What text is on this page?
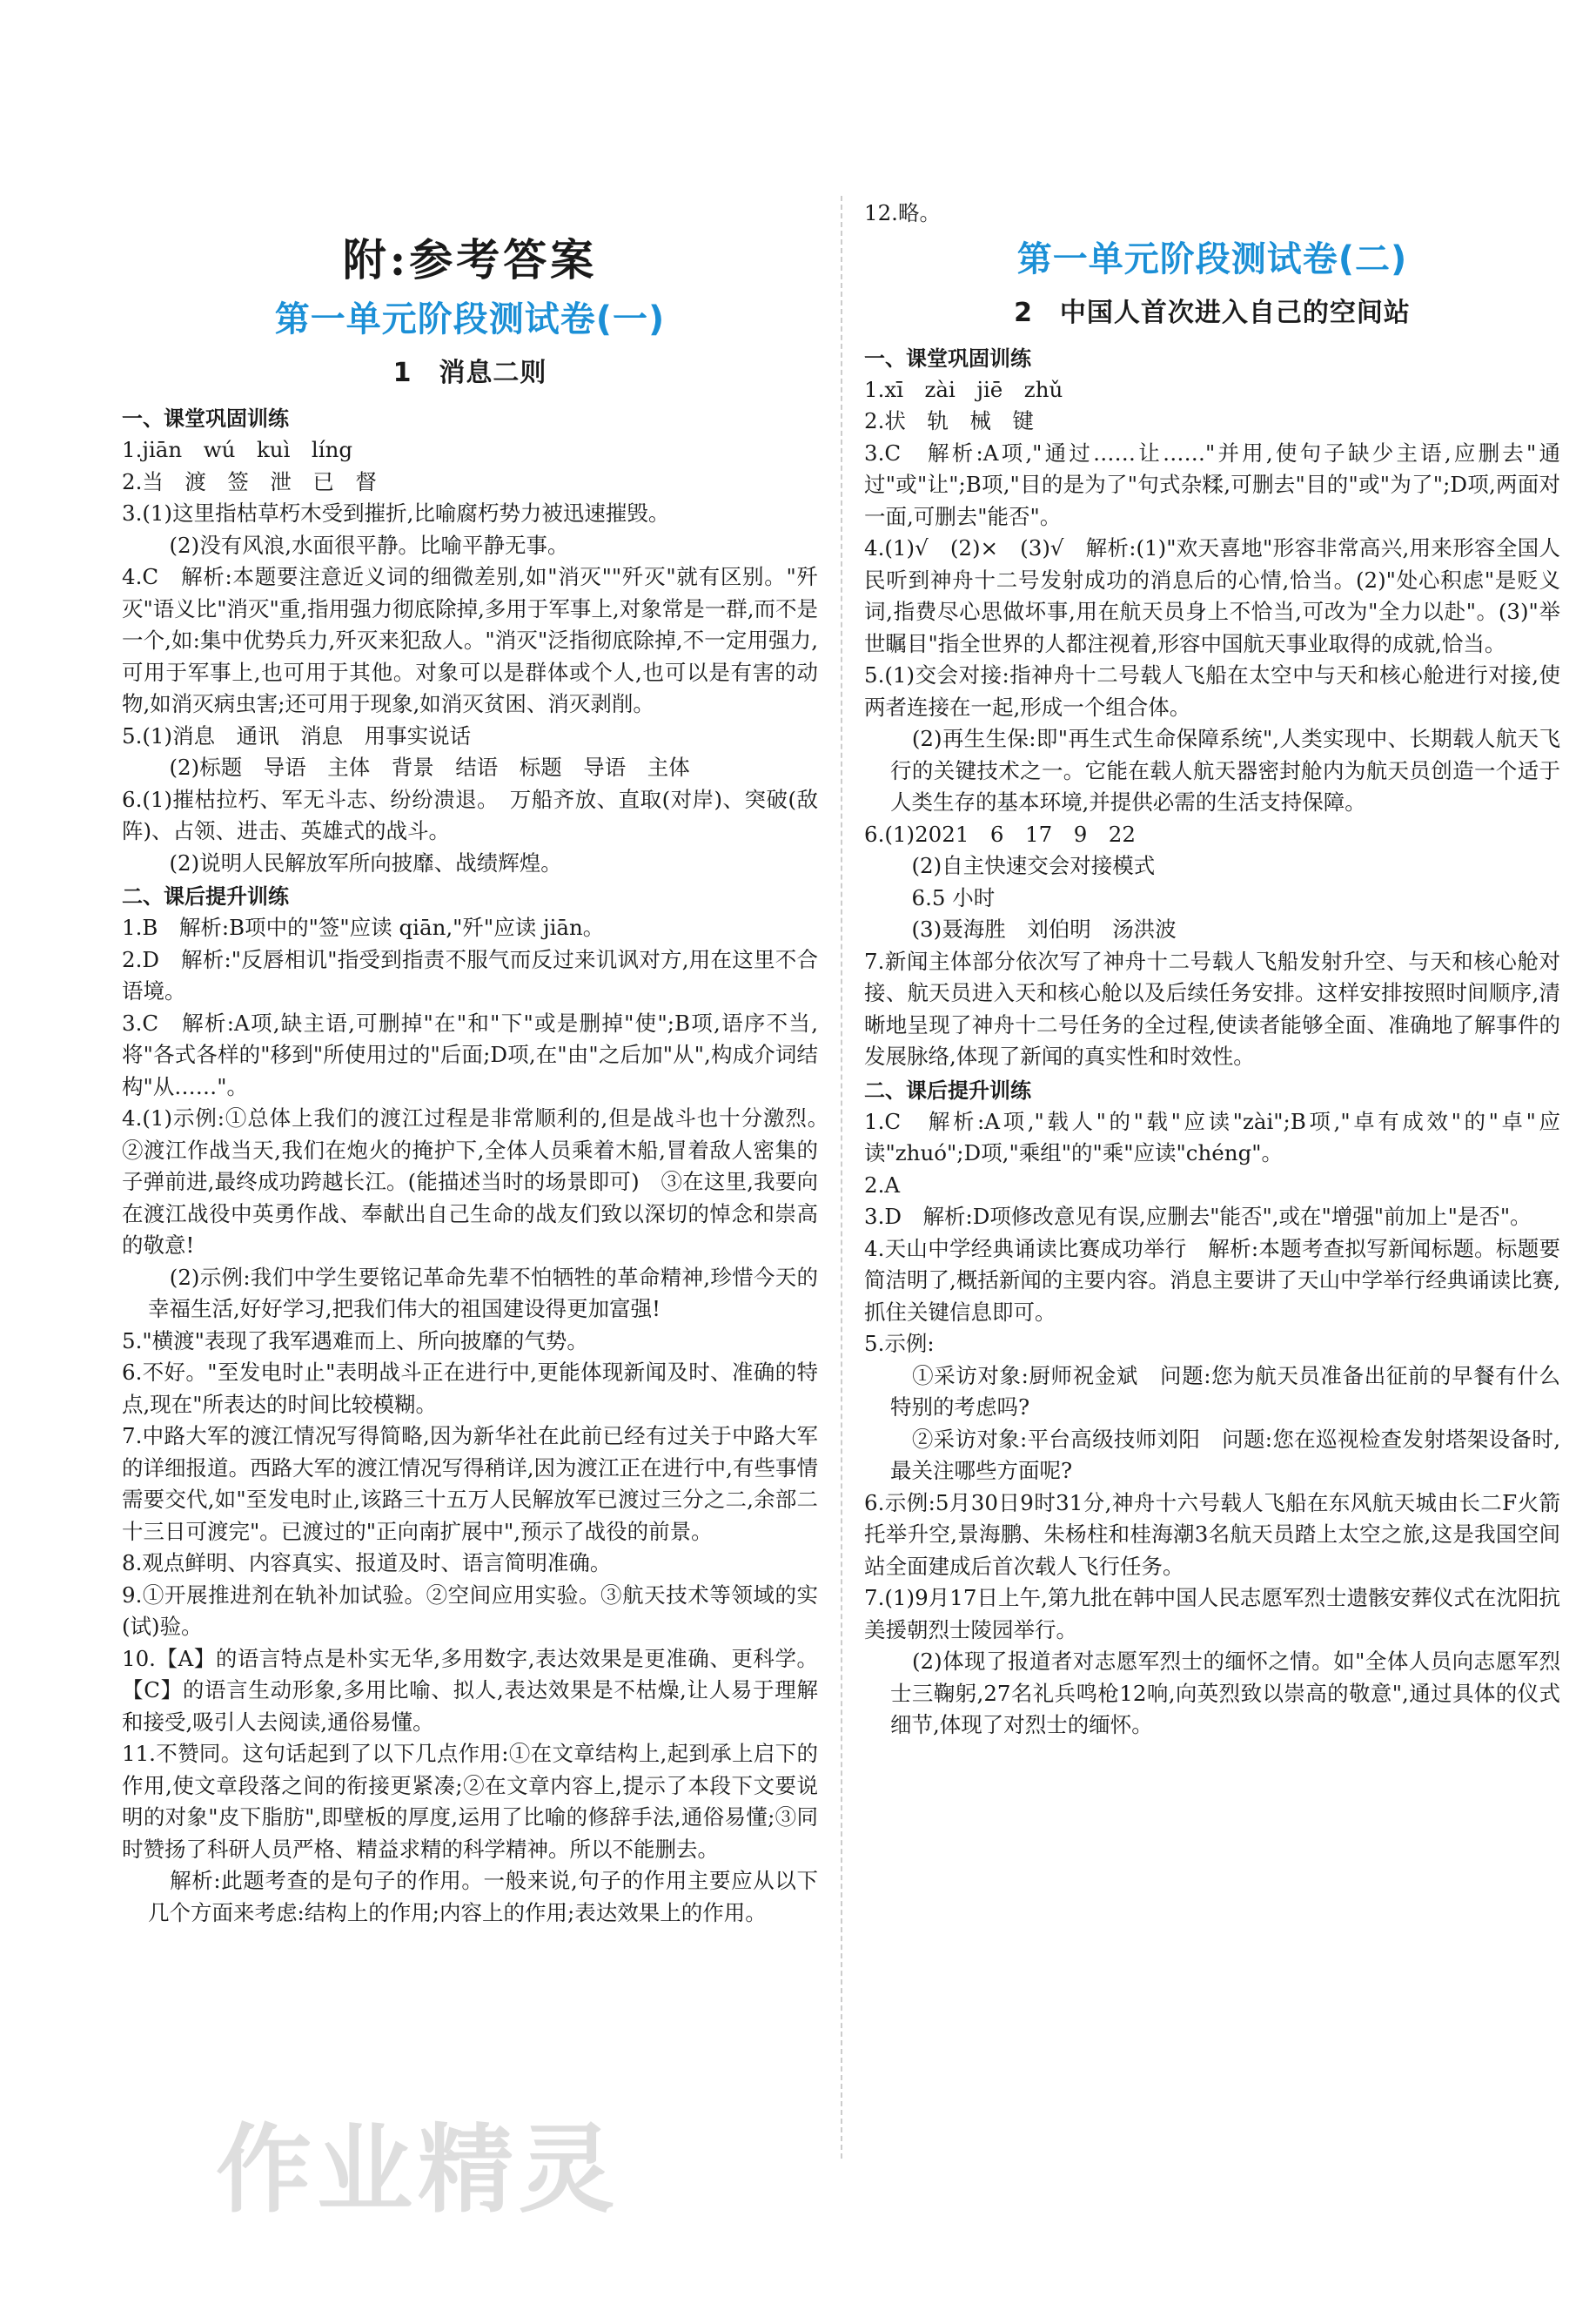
附:参考答案
第一单元阶段测试卷(一)
1　消息二则
一、课堂巩固训练
1.jiān　wú　kuì　líng
2.当　渡　签　泄　已　督
3.(1)这里指枯草朽木受到摧折,比喻腐朽势力被迅速摧毁。
　(2)没有风浪,水面很平静。比喻平静无事。
4.C　解析:本题要注意近义词的细微差别,如"消灭""歼灭"就有区别。"歼灭"语义比"消灭"重,指用强力彻底除掉,多用于军事上,对象常是一群,而不是一个,如:集中优势兵力,歼灭来犯敌人。"消灭"泛指彻底除掉,不一定用强力,可用于军事上,也可用于其他。对象可以是群体或个人,也可以是有害的动物,如消灭病虫害;还可用于现象,如消灭贫困、消灭剥削。
5.(1)消息　通讯　消息　用事实说话
　(2)标题　导语　主体　背景　结语　标题　导语　主体
6.(1)摧枯拉朽、军无斗志、纷纷溃退。　万船齐放、直取(对岸)、突破(敌阵)、占领、进击、英雄式的战斗。
　(2)说明人民解放军所向披靡、战绩辉煌。
二、课后提升训练
1.B　解析:B项中的"签"应读 qiān,"歼"应读 jiān。
2.D　解析:"反唇相讥"指受到指责不服气而反过来讥讽对方,用在这里不合语境。
3.C　解析:A项,缺主语,可删掉"在"和"下"或是删掉"使";B项,语序不当,将"各式各样的"移到"所使用过的"后面;D项,在"由"之后加"从",构成介词结构"从……"。
4.(1)示例:①总体上我们的渡江过程是非常顺利的,但是战斗也十分激烈。　②渡江作战当天,我们在炮火的掩护下,全体人员乘着木船,冒着敌人密集的子弹前进,最终成功跨越长江。(能描述当时的场景即可)　③在这里,我要向在渡江战役中英勇作战、奉献出自己生命的战友们致以深切的悼念和崇高的敬意!
　(2)示例:我们中学生要铭记革命先辈不怕牺牲的革命精神,珍惜今天的幸福生活,好好学习,把我们伟大的祖国建设得更加富强!
5."横渡"表现了我军遇难而上、所向披靡的气势。
6.不好。"至发电时止"表明战斗正在进行中,更能体现新闻及时、准确的特点,现在"所表达的时间比较模糊。
7.中路大军的渡江情况写得简略,因为新华社在此前已经有过关于中路大军的详细报道。西路大军的渡江情况写得稍详,因为渡江正在进行中,有些事情需要交代,如"至发电时止,该路三十五万人民解放军已渡过三分之二,余部二十三日可渡完"。已渡过的"正向南扩展中",预示了战役的前景。
8.观点鲜明、内容真实、报道及时、语言简明准确。
9.①开展推进剂在轨补加试验。②空间应用实验。③航天技术等领域的实(试)验。
10.【A】的语言特点是朴实无华,多用数字,表达效果是更准确、更科学。【C】的语言生动形象,多用比喻、拟人,表达效果是不枯燥,让人易于理解和接受,吸引人去阅读,通俗易懂。
11.不赞同。这句话起到了以下几点作用:①在文章结构上,起到承上启下的作用,使文章段落之间的衔接更紧凑;②在文章内容上,提示了本段下文要说明的对象"皮下脂肪",即壁板的厚度,运用了比喻的修辞手法,通俗易懂;③同时赞扬了科研人员严格、精益求精的科学精神。所以不能删去。
　解析:此题考查的是句子的作用。一般来说,句子的作用主要应从以下几个方面来考虑:结构上的作用;内容上的作用;表达效果上的作用。
12.略。
第一单元阶段测试卷(二)
2　中国人首次进入自己的空间站
一、课堂巩固训练
1.xī　zài　jiē　zhǔ
2.状　轨　械　键
3.C　解析:A项,"通过……让……"并用,使句子缺少主语,应删去"通过"或"让";B项,"目的是为了"句式杂糅,可删去"目的"或"为了";D项,两面对一面,可删去"能否"。
4.(1)√　(2)×　(3)√　解析:(1)"欢天喜地"形容非常高兴,用来形容全国人民听到神舟十二号发射成功的消息后的心情,恰当。(2)"处心积虑"是贬义词,指费尽心思做坏事,用在航天员身上不恰当,可改为"全力以赴"。(3)"举世瞩目"指全世界的人都注视着,形容中国航天事业取得的成就,恰当。
5.(1)交会对接:指神舟十二号载人飞船在太空中与天和核心舱进行对接,使两者连接在一起,形成一个组合体。
　(2)再生生保:即"再生式生命保障系统",人类实现中、长期载人航天飞行的关键技术之一。它能在载人航天器密封舱内为航天员创造一个适于人类生存的基本环境,并提供必需的生活支持保障。
6.(1)2021　6　17　9　22
　(2)自主快速交会对接模式
　6.5 小时
　(3)聂海胜　刘伯明　汤洪波
7.新闻主体部分依次写了神舟十二号载人飞船发射升空、与天和核心舱对接、航天员进入天和核心舱以及后续任务安排。这样安排按照时间顺序,清晰地呈现了神舟十二号任务的全过程,使读者能够全面、准确地了解事件的发展脉络,体现了新闻的真实性和时效性。
二、课后提升训练
1.C　解析:A项,"载人"的"载"应读"zài";B项,"卓有成效"的"卓"应读"zhuó";D项,"乘组"的"乘"应读"chéng"。
2.A
3.D　解析:D项修改意见有误,应删去"能否",或在"增强"前加上"是否"。
4.天山中学经典诵读比赛成功举行　解析:本题考查拟写新闻标题。标题要简洁明了,概括新闻的主要内容。消息主要讲了天山中学举行经典诵读比赛,抓住关键信息即可。
5.示例:
　①采访对象:厨师祝金斌　问题:您为航天员准备出征前的早餐有什么特别的考虑吗?
　②采访对象:平台高级技师刘阳　问题:您在巡视检查发射塔架设备时,最关注哪些方面呢?
6.示例:5月30日9时31分,神舟十六号载人飞船在东风航天城由长二F火箭托举升空,景海鹏、朱杨柱和桂海潮3名航天员踏上太空之旅,这是我国空间站全面建成后首次载人飞行任务。
7.(1)9月17日上午,第九批在韩中国人民志愿军烈士遗骸安葬仪式在沈阳抗美援朝烈士陵园举行。
　(2)体现了报道者对志愿军烈士的缅怀之情。如"全体人员向志愿军烈士三鞠躬,27名礼兵鸣枪12响,向英烈致以崇高的敬意",通过具体的仪式细节,体现了对烈士的缅怀。
作业精灵
